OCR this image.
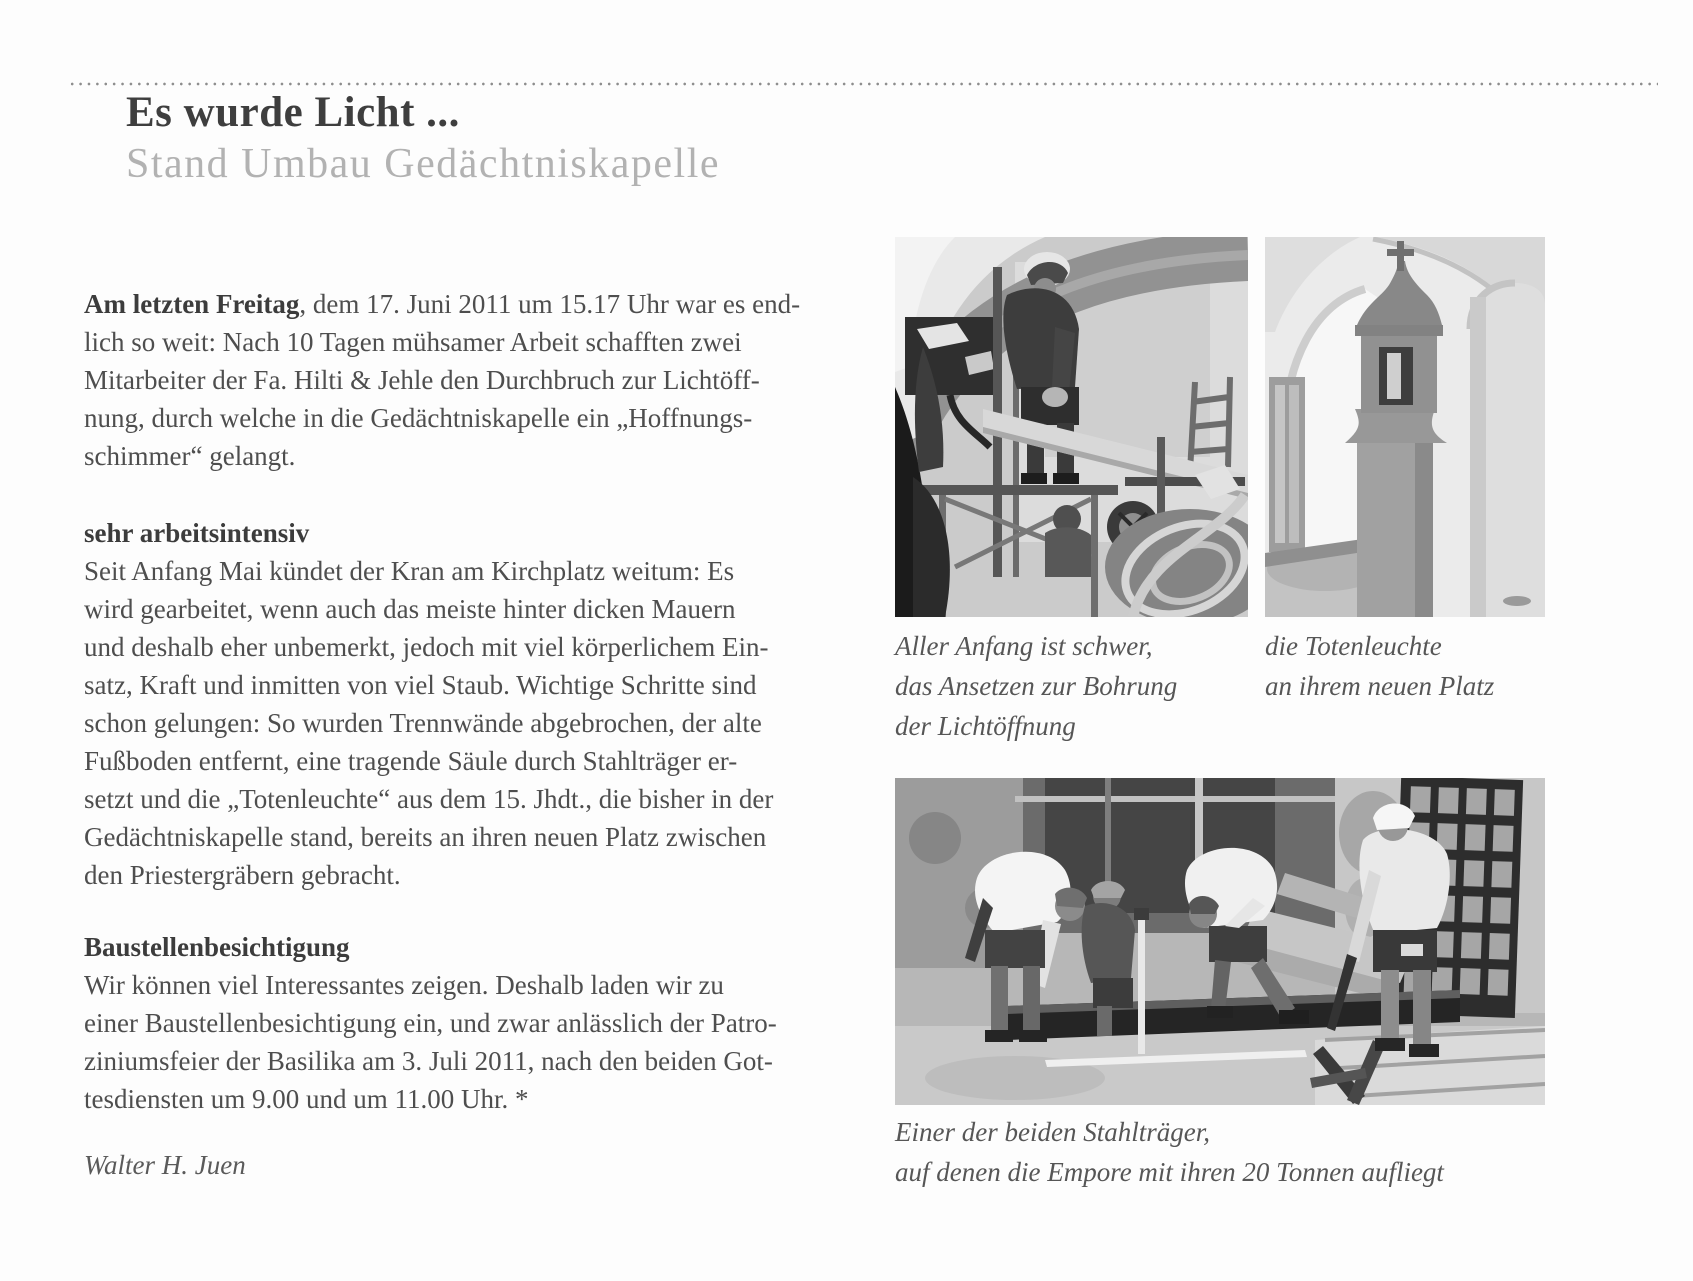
Es wurde Licht ...
Stand Umbau Gedächtniskapelle
Am letzten Freitag, dem 17. Juni 2011 um 15.17 Uhr war es end-
lich so weit: Nach 10 Tagen mühsamer Arbeit schafften zwei
Mitarbeiter der Fa. Hilti & Jehle den Durchbruch zur Lichtöff-
nung, durch welche in die Gedächtniskapelle ein „Hoffnungs-
schimmer“ gelangt.
sehr arbeitsintensiv
Seit Anfang Mai kündet der Kran am Kirchplatz weitum: Es
wird gearbeitet, wenn auch das meiste hinter dicken Mauern
und deshalb eher unbemerkt, jedoch mit viel körperlichem Ein-
satz, Kraft und inmitten von viel Staub. Wichtige Schritte sind
schon gelungen: So wurden Trennwände abgebrochen, der alte
Fußboden entfernt, eine tragende Säule durch Stahlträger er-
setzt und die „Totenleuchte“ aus dem 15. Jhdt., die bisher in der
Gedächtniskapelle stand, bereits an ihren neuen Platz zwischen
den Priestergräbern gebracht.
Baustellenbesichtigung
Wir können viel Interessantes zeigen. Deshalb laden wir zu
einer Baustellenbesichtigung ein, und zwar anlässlich der Patro-
ziniumsfeier der Basilika am 3. Juli 2011, nach den beiden Got-
tesdiensten um 9.00 und um 11.00 Uhr. *
Walter H. Juen
Aller Anfang ist schwer,
das Ansetzen zur Bohrung
der Lichtöffnung
die Totenleuchte
an ihrem neuen Platz
Einer der beiden Stahlträger,
auf denen die Empore mit ihren 20 Tonnen aufliegt
